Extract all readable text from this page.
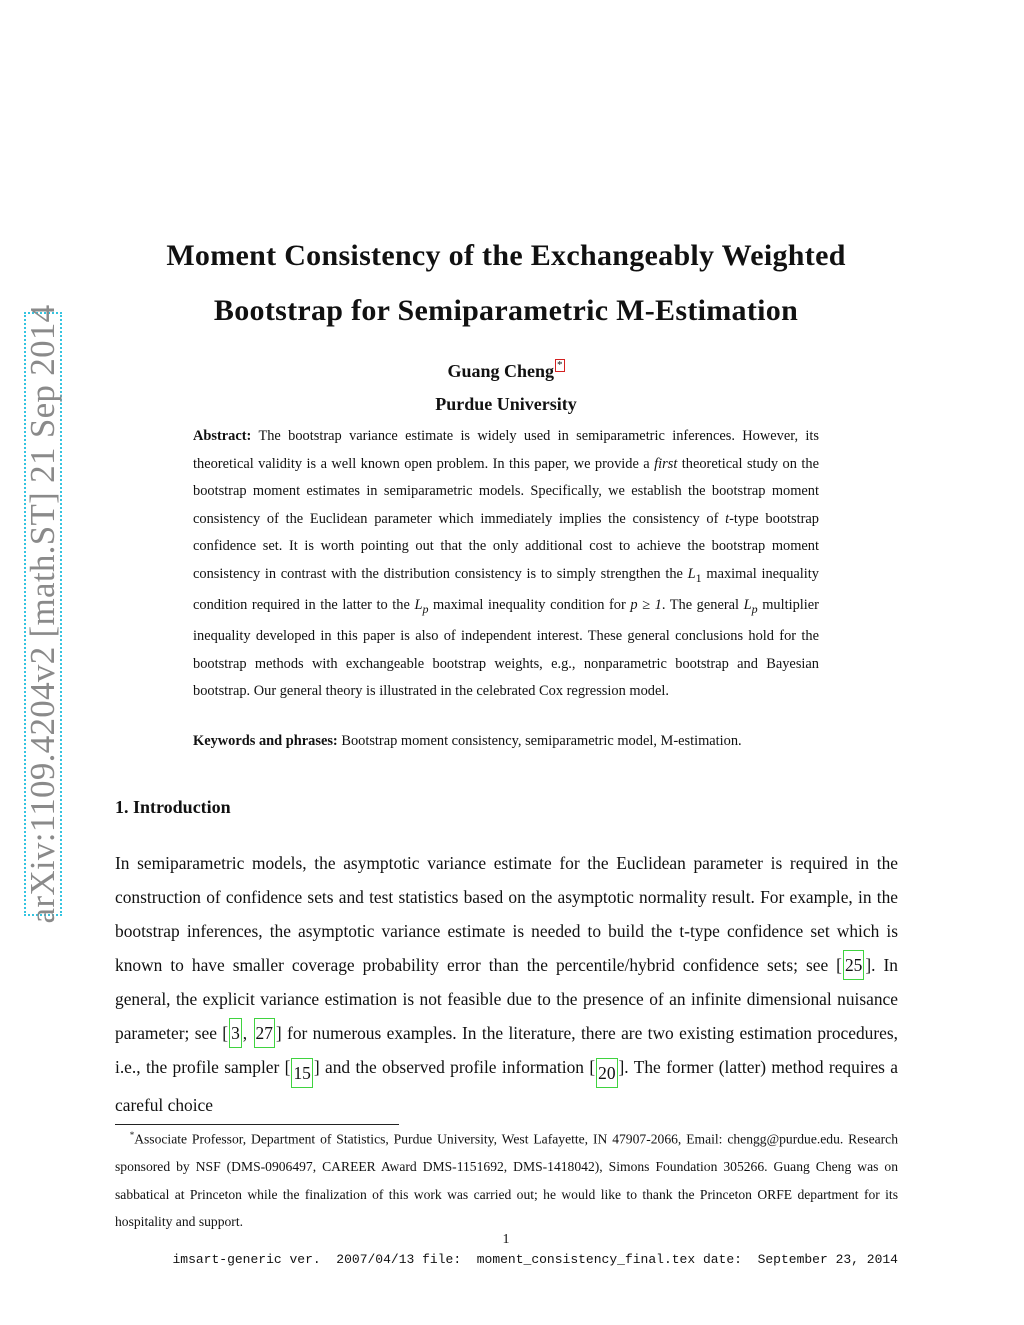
arXiv:1109.4204v2 [math.ST] 21 Sep 2014
Moment Consistency of the Exchangeably Weighted
Bootstrap for Semiparametric M-Estimation
Guang Cheng *
Purdue University
Abstract: The bootstrap variance estimate is widely used in semiparametric inferences. However, its theoretical validity is a well known open problem. In this paper, we provide a first theoretical study on the bootstrap moment estimates in semiparametric models. Specifically, we establish the bootstrap moment consistency of the Euclidean parameter which immediately implies the consistency of t-type bootstrap confidence set. It is worth pointing out that the only additional cost to achieve the bootstrap moment consistency in contrast with the distribution consistency is to simply strengthen the $L_1$ maximal inequality condition required in the latter to the $L_p$ maximal inequality condition for p ≥ 1. The general $L_p$ multiplier inequality developed in this paper is also of independent interest. These general conclusions hold for the bootstrap methods with exchangeable bootstrap weights, e.g., nonparametric bootstrap and Bayesian bootstrap. Our general theory is illustrated in the celebrated Cox regression model.
Keywords and phrases: Bootstrap moment consistency, semiparametric model, M-estimation.
1. Introduction
In semiparametric models, the asymptotic variance estimate for the Euclidean parameter is required in the construction of confidence sets and test statistics based on the asymptotic normality result. For example, in the bootstrap inferences, the asymptotic variance estimate is needed to build the t-type confidence set which is known to have smaller coverage probability error than the percentile/hybrid confidence sets; see [ 25 ]. In general, the explicit variance estimation is not feasible due to the presence of an infinite dimensional nuisance parameter; see [ 3 , 27 ] for numerous examples. In the literature, there are two existing estimation procedures, i.e., the profile sampler [ 15 ] and the observed profile information [ 20 ]. The former (latter) method requires a careful choice
*Associate Professor, Department of Statistics, Purdue University, West Lafayette, IN 47907-2066, Email: chengg@purdue.edu. Research sponsored by NSF (DMS-0906497, CAREER Award DMS-1151692, DMS-1418042), Simons Foundation 305266. Guang Cheng was on sabbatical at Princeton while the finalization of this work was carried out; he would like to thank the Princeton ORFE department for its hospitality and support.
1
imsart-generic ver.  2007/04/13 file:  moment_consistency_final.tex date:  September 23, 2014
